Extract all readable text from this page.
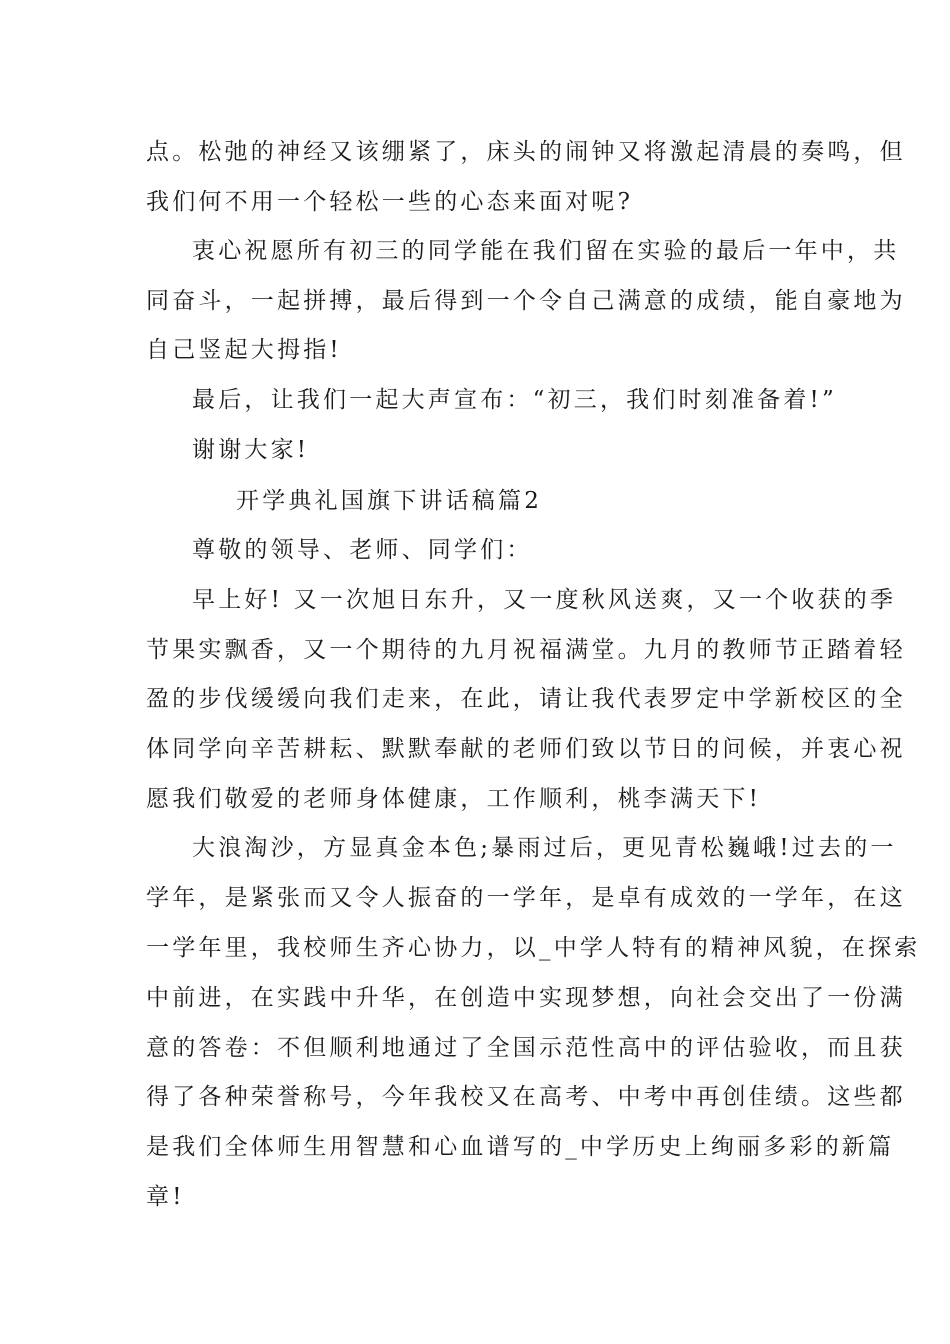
点。松弛的神经又该绷紧了，床头的闹钟又将激起清晨的奏鸣，但
我们何不用一个轻松一些的心态来面对呢?
衷心祝愿所有初三的同学能在我们留在实验的最后一年中，共
同奋斗，一起拼搏，最后得到一个令自己满意的成绩，能自豪地为
自己竖起大拇指!
最后，让我们一起大声宣布：“初三，我们时刻准备着!”
谢谢大家!
开学典礼国旗下讲话稿篇2
尊敬的领导、老师、同学们：
早上好! 又一次旭日东升，又一度秋风送爽，又一个收获的季
节果实飘香，又一个期待的九月祝福满堂。九月的教师节正踏着轻
盈的步伐缓缓向我们走来，在此，请让我代表罗定中学新校区的全
体同学向辛苦耕耘、默默奉献的老师们致以节日的问候，并衷心祝
愿我们敬爱的老师身体健康，工作顺利，桃李满天下!
大浪淘沙，方显真金本色;暴雨过后，更见青松巍峨!过去的一
学年，是紧张而又令人振奋的一学年，是卓有成效的一学年，在这
一学年里，我校师生齐心协力，以_中学人特有的精神风貌，在探索
中前进，在实践中升华，在创造中实现梦想，向社会交出了一份满
意的答卷：不但顺利地通过了全国示范性高中的评估验收，而且获
得了各种荣誉称号，今年我校又在高考、中考中再创佳绩。这些都
是我们全体师生用智慧和心血谱写的_中学历史上绚丽多彩的新篇
章!
